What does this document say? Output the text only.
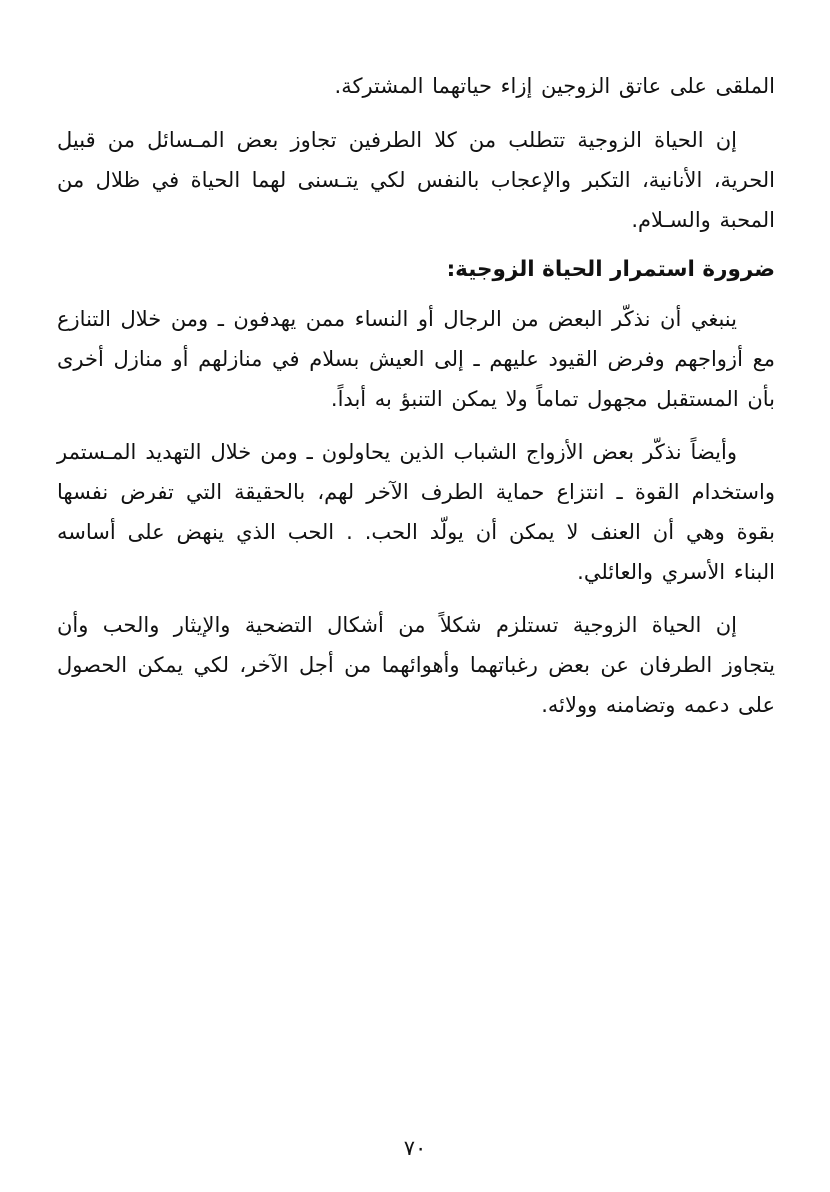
الملقى على عاتق الزوجين إزاء حياتهما المشتركة.

إن الحياة الزوجية تتطلب من كلا الطرفين تجاوز بعض المـسائل من قبيل الحرية، الأنانية، التكبر والإعجاب بالنفس لكي يتـسنى لهما الحياة في ظلال من المحبة والسـلام.

ضرورة استمرار الحياة الزوجية:

ينبغي أن نذكّر البعض من الرجال أو النساء ممن يهدفون ـ ومن خلال التنازع مع أزواجهم وفرض القيود عليهم ـ إلى العيش بسلام في منازلهم أو منازل أخرى بأن المستقبل مجهول تماماً ولا يمكن التنبؤ به أبداً.

وأيضاً نذكّر بعض الأزواج الشباب الذين يحاولون ـ ومن خلال التهديد المـستمر واستخدام القوة ـ انتزاع حماية الطرف الآخر لهم، بالحقيقة التي تفرض نفسها بقوة وهي أن العنف لا يمكن أن يولّد الحب. . الحب الذي ينهض على أساسه البناء الأسري والعائلي.

إن الحياة الزوجية تستلزم شكلاً من أشكال التضحية والإيثار والحب وأن يتجاوز الطرفان عن بعض رغباتهما وأهوائهما من أجل الآخر، لكي يمكن الحصول على دعمه وتضامنه وولائه.

٧٠
